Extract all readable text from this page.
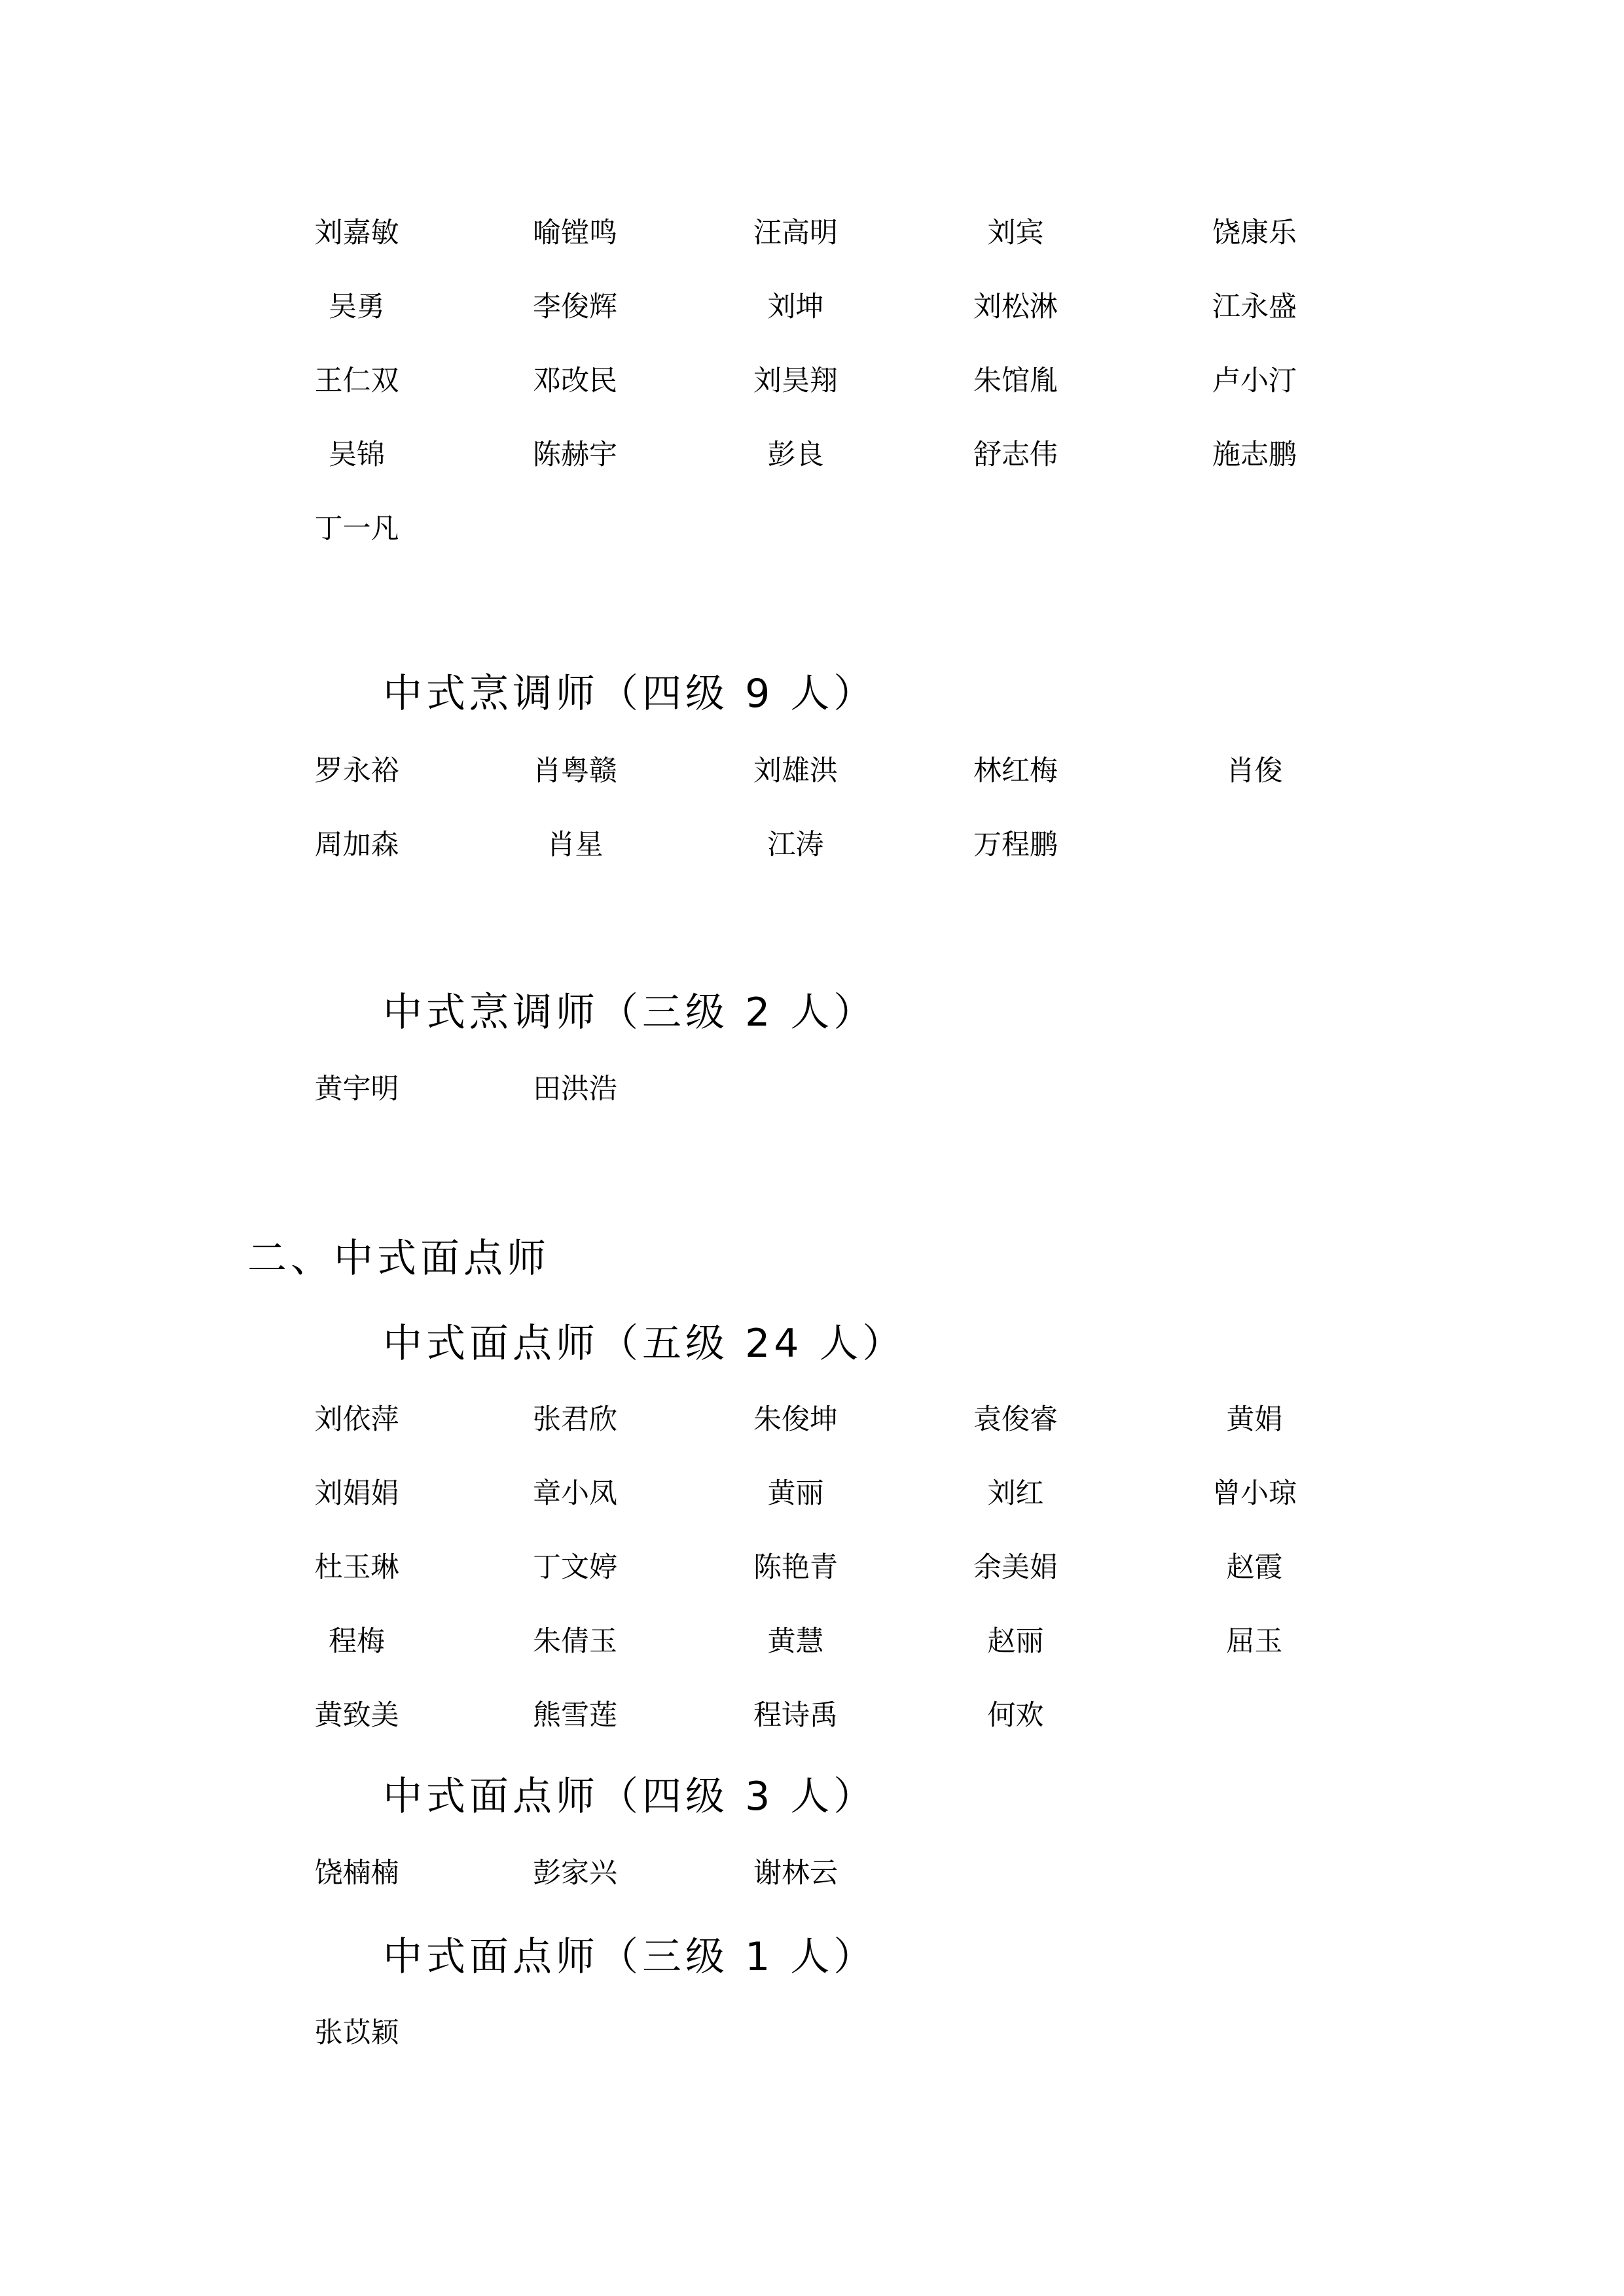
刘嘉敏	喻镗鸣	汪高明	刘宾	饶康乐
吴勇	李俊辉	刘坤	刘松淋	江永盛
王仁双	邓改民	刘昊翔	朱馆胤	卢小汀
吴锦	陈赫宇	彭良	舒志伟	施志鹏
丁一凡
中式烹调师（四级 9 人）
罗永裕	肖粤赣	刘雄洪	林红梅	肖俊
周加森	肖星	江涛	万程鹏
中式烹调师（三级 2 人）
黄宇明	田洪浩
二、中式面点师
中式面点师（五级 24 人）
刘依萍	张君欣	朱俊坤	袁俊睿	黄娟
刘娟娟	章小凤	黄丽	刘红	曾小琼
杜玉琳	丁文婷	陈艳青	余美娟	赵霞
程梅	朱倩玉	黄慧	赵丽	屈玉
黄致美	熊雪莲	程诗禹	何欢
中式面点师（四级 3 人）
饶楠楠	彭家兴	谢林云
中式面点师（三级 1 人）
张苡颖
